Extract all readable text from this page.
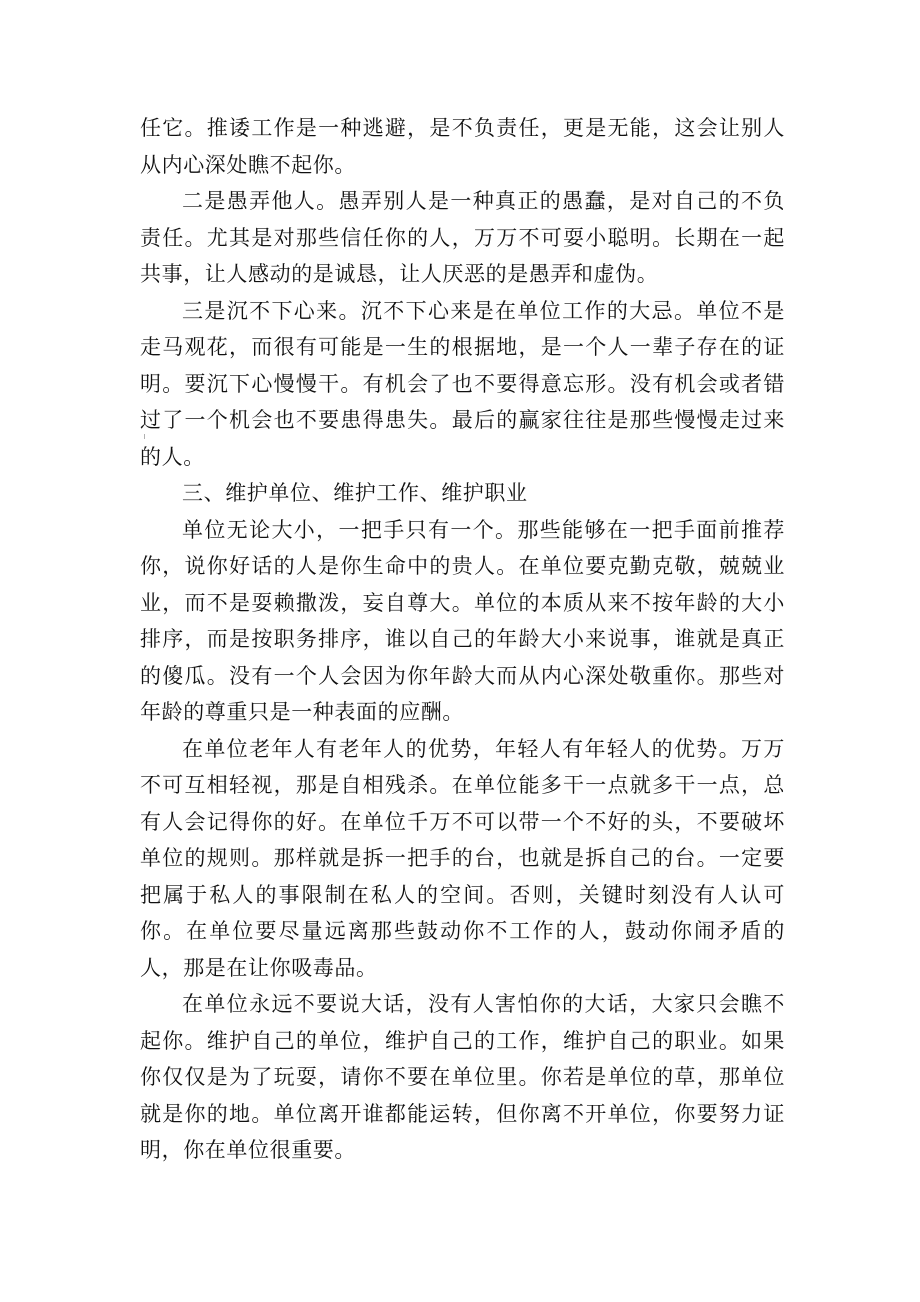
任它。推诿工作是一种逃避，是不负责任，更是无能，这会让别人从内心深处瞧不起你。

二是愚弄他人。愚弄别人是一种真正的愚蠢，是对自己的不负责任。尤其是对那些信任你的人，万万不可耍小聪明。长期在一起共事，让人感动的是诚恳，让人厌恶的是愚弄和虚伪。

三是沉不下心来。沉不下心来是在单位工作的大忌。单位不是走马观花，而很有可能是一生的根据地，是一个人一辈子存在的证明。要沉下心慢慢干。有机会了也不要得意忘形。没有机会或者错过了一个机会也不要患得患失。最后的赢家往往是那些慢慢走过来的人。

三、维护单位、维护工作、维护职业

单位无论大小，一把手只有一个。那些能够在一把手面前推荐你，说你好话的人是你生命中的贵人。在单位要克勤克敬，兢兢业业，而不是耍赖撒泼，妄自尊大。单位的本质从来不按年龄的大小排序，而是按职务排序，谁以自己的年龄大小来说事，谁就是真正的傻瓜。没有一个人会因为你年龄大而从内心深处敬重你。那些对年龄的尊重只是一种表面的应酬。

在单位老年人有老年人的优势，年轻人有年轻人的优势。万万不可互相轻视，那是自相残杀。在单位能多干一点就多干一点，总有人会记得你的好。在单位千万不可以带一个不好的头，不要破坏单位的规则。那样就是拆一把手的台，也就是拆自己的台。一定要把属于私人的事限制在私人的空间。否则，关键时刻没有人认可你。在单位要尽量远离那些鼓动你不工作的人，鼓动你闹矛盾的人，那是在让你吸毒品。

在单位永远不要说大话，没有人害怕你的大话，大家只会瞧不起你。维护自己的单位，维护自己的工作，维护自己的职业。如果你仅仅是为了玩耍，请你不要在单位里。你若是单位的草，那单位就是你的地。单位离开谁都能运转，但你离不开单位，你要努力证明，你在单位很重要。
